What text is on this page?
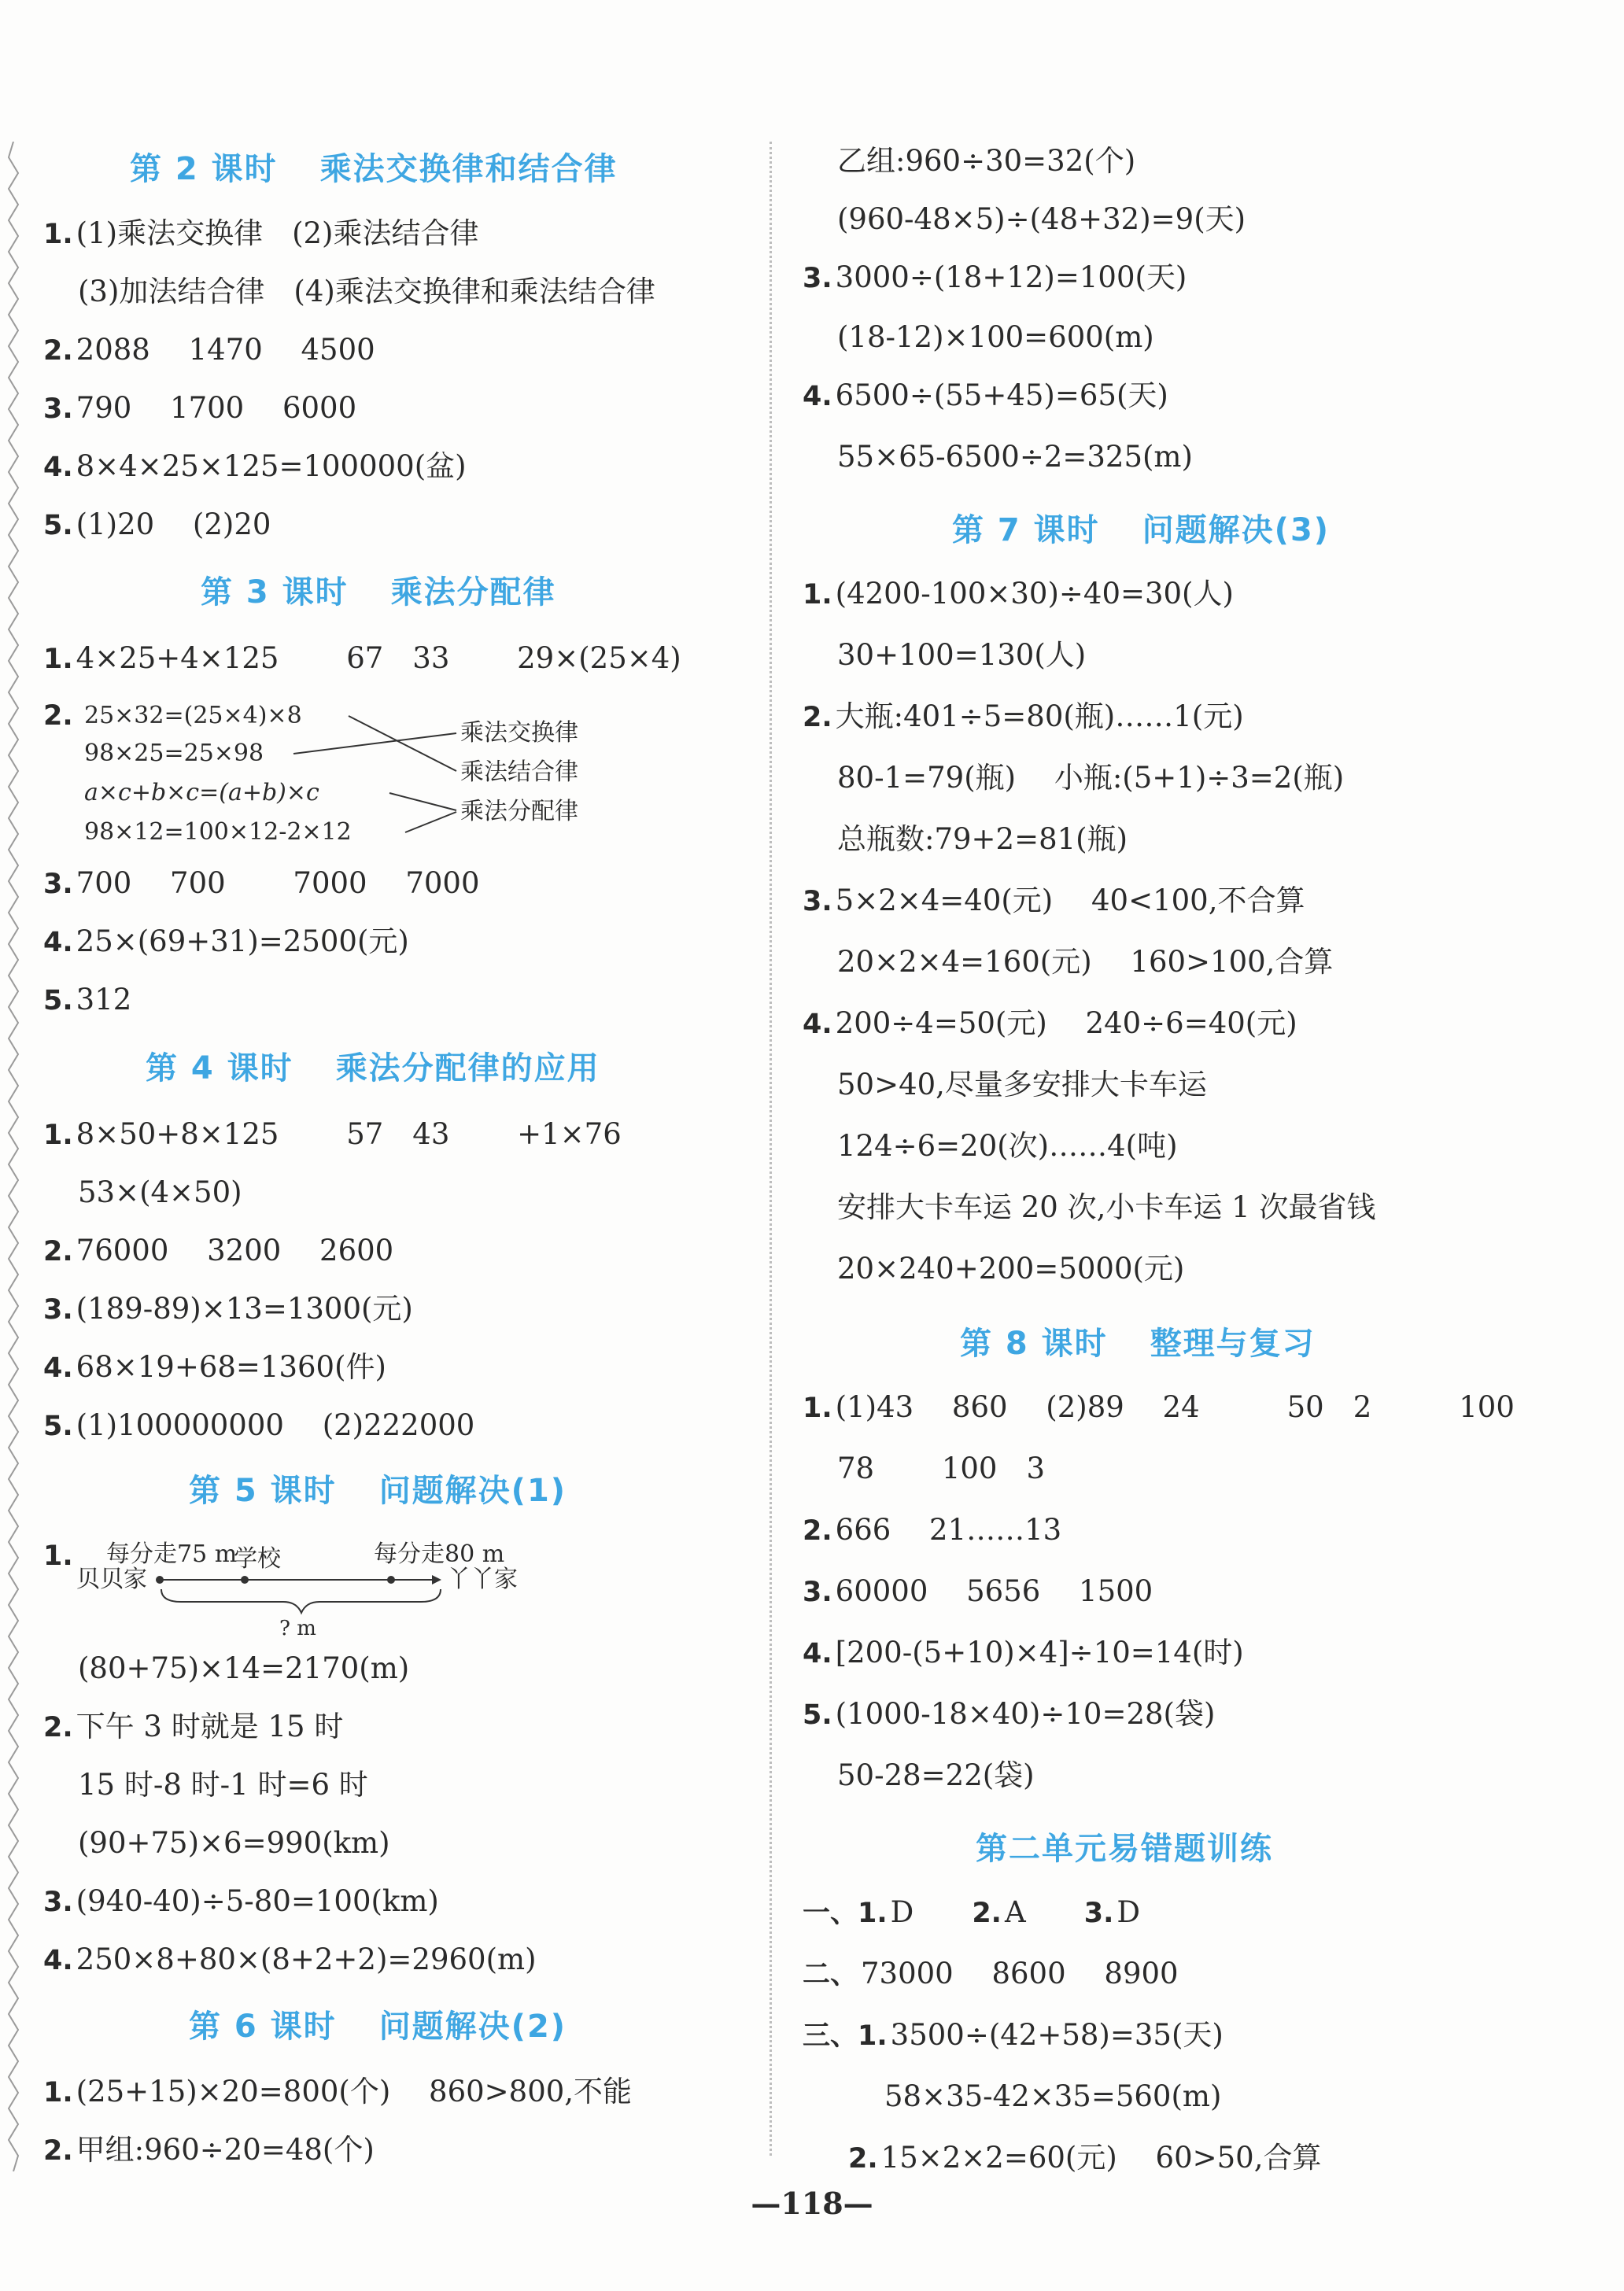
第 2 课时 乘法交换律和结合律
1. (1)乘法交换律　(2)乘法结合律
(3)加法结合律　(4)乘法交换律和乘法结合律
2. 2088　 1470　 4500
3. 790　 1700　 6000
4. 8×4×25×125=100000(盆)
5. (1)20　 (2)20
第 3 课时 乘法分配律
1. 4×25+4×125　　 67　33　　 29×(25×4)
2. 25×32=(25×4)×8
98×25=25×98
a×c+b×c=(a+b)×c
98×12=100×12-2×12
乘法交换律
乘法结合律
乘法分配律
3. 700　 700　　 7000　 7000
4. 25×(69+31)=2500(元)
5. 312
第 4 课时 乘法分配律的应用
1. 8×50+8×125　　 57　43　　 +1×76
53×(4×50)
2. 76000　 3200　 2600
3. (189-89)×13=1300(元)
4. 68×19+68=1360(件)
5. (1)100000000　 (2)222000
第 5 课时 问题解决(1)
1. 每分走75 m
学校	每分走80 m
贝贝家	丫丫家
? m
(80+75)×14=2170(m)
2. 下午 3 时就是 15 时
15 时-8 时-1 时=6 时
(90+75)×6=990(km)
3. (940-40)÷5-80=100(km)
4. 250×8+80×(8+2+2)=2960(m)
第 6 课时 问题解决(2)
1. (25+15)×20=800(个)　 860>800,不能
2. 甲组:960÷20=48(个)
乙组:960÷30=32(个)
(960-48×5)÷(48+32)=9(天)
3. 3000÷(18+12)=100(天)
(18-12)×100=600(m)
4. 6500÷(55+45)=65(天)
55×65-6500÷2=325(m)
第 7 课时 问题解决(3)
1. (4200-100×30)÷40=30(人)
30+100=130(人)
2. 大瓶:401÷5=80(瓶)……1(元)
80-1=79(瓶)　 小瓶:(5+1)÷3=2(瓶)
总瓶数:79+2=81(瓶)
3. 5×2×4=40(元)　 40<100,不合算
20×2×4=160(元)　 160>100,合算
4. 200÷4=50(元)　 240÷6=40(元)
50>40,尽量多安排大卡车运
124÷6=20(次)……4(吨)
安排大卡车运 20 次,小卡车运 1 次最省钱
20×240+200=5000(元)
第 8 课时 整理与复习
1. (1)43　 860　 (2)89　 24　　　50　2　　　100
78　　 100　3
2. 666　 21……13
3. 60000　 5656　 1500
4. [200-(5+10)×4]÷10=14(时)
5. (1000-18×40)÷10=28(袋)
50-28=22(袋)
第二单元易错题训练
一、1. D　　2. A　　3. D
二、 73000　 8600　 8900
三、1. 3500÷(42+58)=35(天)
58×35-42×35=560(m)
2. 15×2×2=60(元)　 60>50,合算
—118—
